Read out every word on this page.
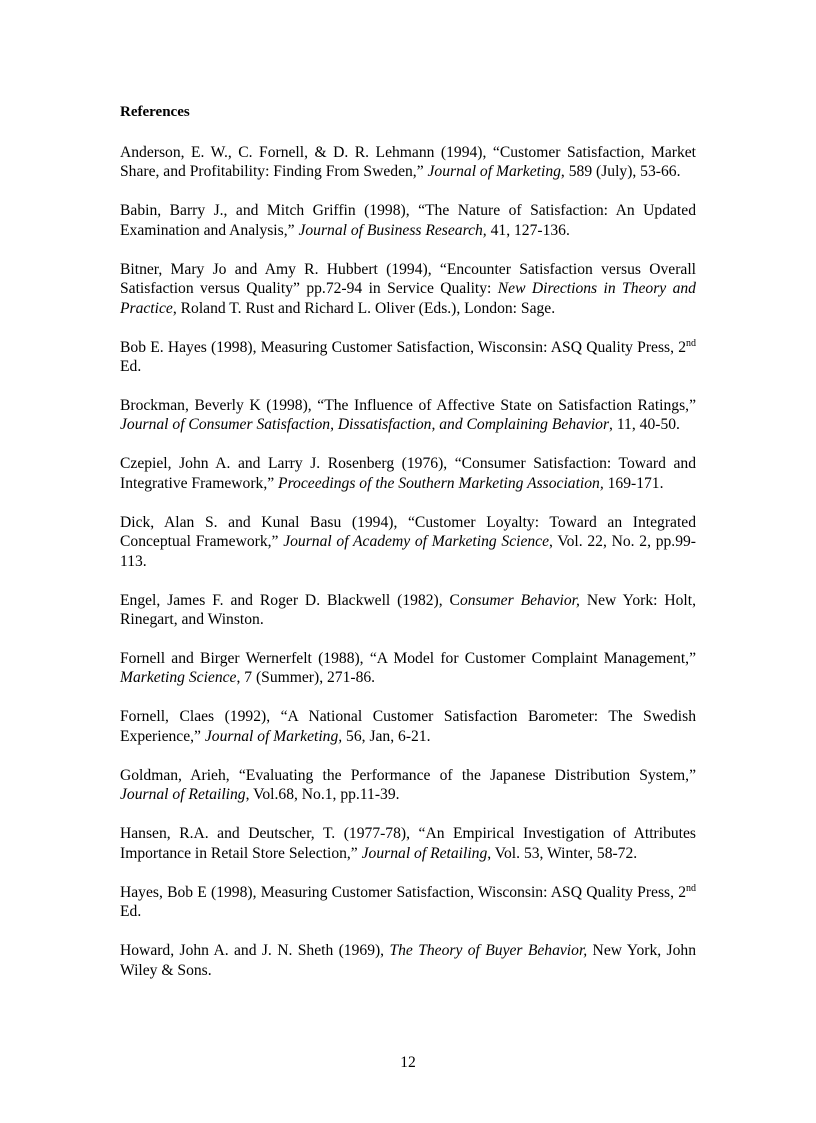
References
Anderson, E. W., C. Fornell, & D. R. Lehmann (1994), “Customer Satisfaction, Market Share, and Profitability: Finding From Sweden,” Journal of Marketing, 589 (July), 53-66.
Babin, Barry J., and Mitch Griffin (1998), “The Nature of Satisfaction: An Updated Examination and Analysis,” Journal of Business Research, 41, 127-136.
Bitner, Mary Jo and Amy R. Hubbert (1994), “Encounter Satisfaction versus Overall Satisfaction versus Quality” pp.72-94 in Service Quality: New Directions in Theory and Practice, Roland T. Rust and Richard L. Oliver (Eds.), London: Sage.
Bob E. Hayes (1998), Measuring Customer Satisfaction, Wisconsin: ASQ Quality Press, 2nd Ed.
Brockman, Beverly K (1998), “The Influence of Affective State on Satisfaction Ratings,” Journal of Consumer Satisfaction, Dissatisfaction, and Complaining Behavior, 11, 40-50.
Czepiel, John A. and Larry J. Rosenberg (1976), “Consumer Satisfaction: Toward and Integrative Framework,” Proceedings of the Southern Marketing Association, 169-171.
Dick, Alan S. and Kunal Basu (1994), “Customer Loyalty: Toward an Integrated Conceptual Framework,” Journal of Academy of Marketing Science, Vol. 22, No. 2, pp.99-113.
Engel, James F. and Roger D. Blackwell (1982), Consumer Behavior, New York: Holt, Rinegart, and Winston.
Fornell and Birger Wernerfelt (1988), “A Model for Customer Complaint Management,” Marketing Science, 7 (Summer), 271-86.
Fornell, Claes (1992), “A National Customer Satisfaction Barometer: The Swedish Experience,” Journal of Marketing, 56, Jan, 6-21.
Goldman, Arieh, “Evaluating the Performance of the Japanese Distribution System,” Journal of Retailing, Vol.68, No.1, pp.11-39.
Hansen, R.A. and Deutscher, T. (1977-78), “An Empirical Investigation of Attributes Importance in Retail Store Selection,” Journal of Retailing, Vol. 53, Winter, 58-72.
Hayes, Bob E (1998), Measuring Customer Satisfaction, Wisconsin: ASQ Quality Press, 2nd Ed.
Howard, John A. and J. N. Sheth (1969), The Theory of Buyer Behavior, New York, John Wiley & Sons.
12
